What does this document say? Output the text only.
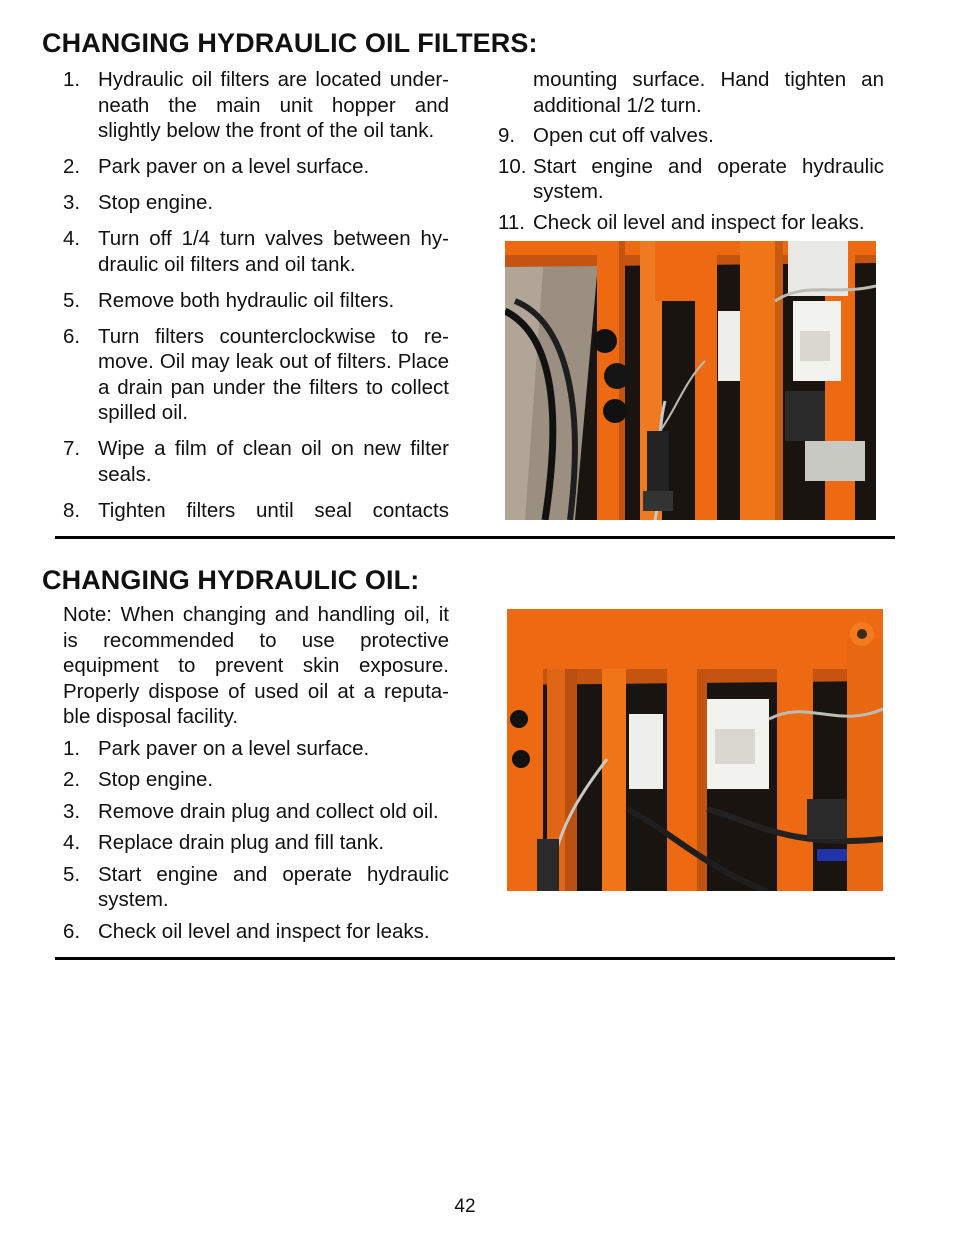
CHANGING HYDRAULIC OIL FILTERS:
1. Hydraulic oil filters are located under-neath the main unit hopper and slightly below the front of the oil tank.
2. Park paver on a level surface.
3. Stop engine.
4. Turn off 1/4 turn valves between hy-draulic oil filters and oil tank.
5. Remove both hydraulic oil filters.
6. Turn filters counterclockwise to re-move. Oil may leak out of filters. Place a drain pan under the filters to collect spilled oil.
7. Wipe a film of clean oil on new filter seals.
8. Tighten filters until seal contacts
mounting surface. Hand tighten an additional 1/2 turn.
9. Open cut off valves.
10. Start engine and operate hydraulic system.
11. Check oil level and inspect for leaks.
CHANGING HYDRAULIC OIL:
Note: When changing and handling oil, it is recommended to use protective equipment to prevent skin exposure. Properly dispose of used oil at a reputa-ble disposal facility.
1. Park paver on a level surface.
2. Stop engine.
3. Remove drain plug and collect old oil.
4. Replace drain plug and fill tank.
5. Start engine and operate hydraulic system.
6. Check oil level and inspect for leaks.
42
